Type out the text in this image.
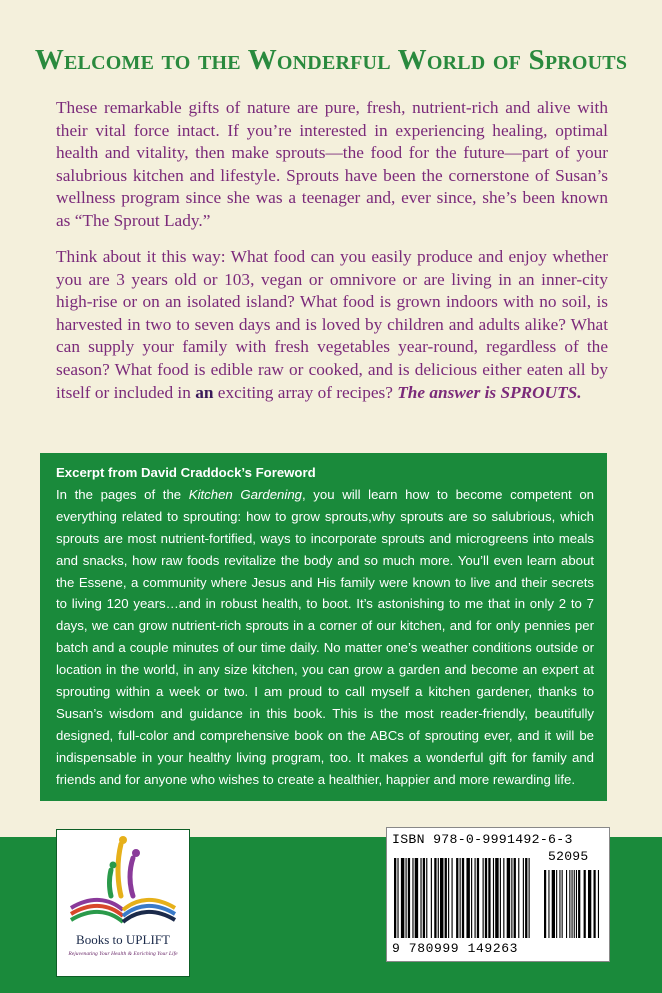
Welcome to the Wonderful World of Sprouts

These remarkable gifts of nature are pure, fresh, nutrient-rich and alive with their vital force intact. If you’re interested in experiencing healing, optimal health and vitality, then make sprouts—the food for the future—part of your salubrious kitchen and lifestyle. Sprouts have been the cornerstone of Susan’s wellness program since she was a teenager and, ever since, she’s been known as “The Sprout Lady.”

Think about it this way: What food can you easily produce and enjoy whether you are 3 years old or 103, vegan or omnivore or are living in an inner-city high-rise or on an isolated island? What food is grown indoors with no soil, is harvested in two to seven days and is loved by children and adults alike? What can supply your family with fresh vegetables year-round, regardless of the season? What food is edible raw or cooked, and is delicious either eaten all by itself or included in an exciting array of recipes? The answer is SPROUTS.

Excerpt from David Craddock’s Foreword
In the pages of the Kitchen Gardening, you will learn how to become competent on everything related to sprouting: how to grow sprouts,why sprouts are so salubrious, which sprouts are most nutrient-fortified, ways to incorporate sprouts and microgreens into meals and snacks, how raw foods revitalize the body and so much more. You’ll even learn about the Essene, a community where Jesus and His family were known to live and their secrets to living 120 years…and in robust health, to boot. It’s astonishing to me that in only 2 to 7 days, we can grow nutrient-rich sprouts in a corner of our kitchen, and for only pennies per batch and a couple minutes of our time daily. No matter one’s weather conditions outside or location in the world, in any size kitchen, you can grow a garden and become an expert at sprouting within a week or two. I am proud to call myself a kitchen gardener, thanks to Susan’s wisdom and guidance in this book. This is the most reader-friendly, beautifully designed, full-color and comprehensive book on the ABCs of sprouting ever, and it will be indispensable in your healthy living program, too. It makes a wonderful gift for family and friends and for anyone who wishes to create a healthier, happier and more rewarding life.
Books to UPLIFT
Rejuvenating Your Health & Enriching Your Life
ISBN 978-0-9991492-6-3
52095
9 780999 149263
